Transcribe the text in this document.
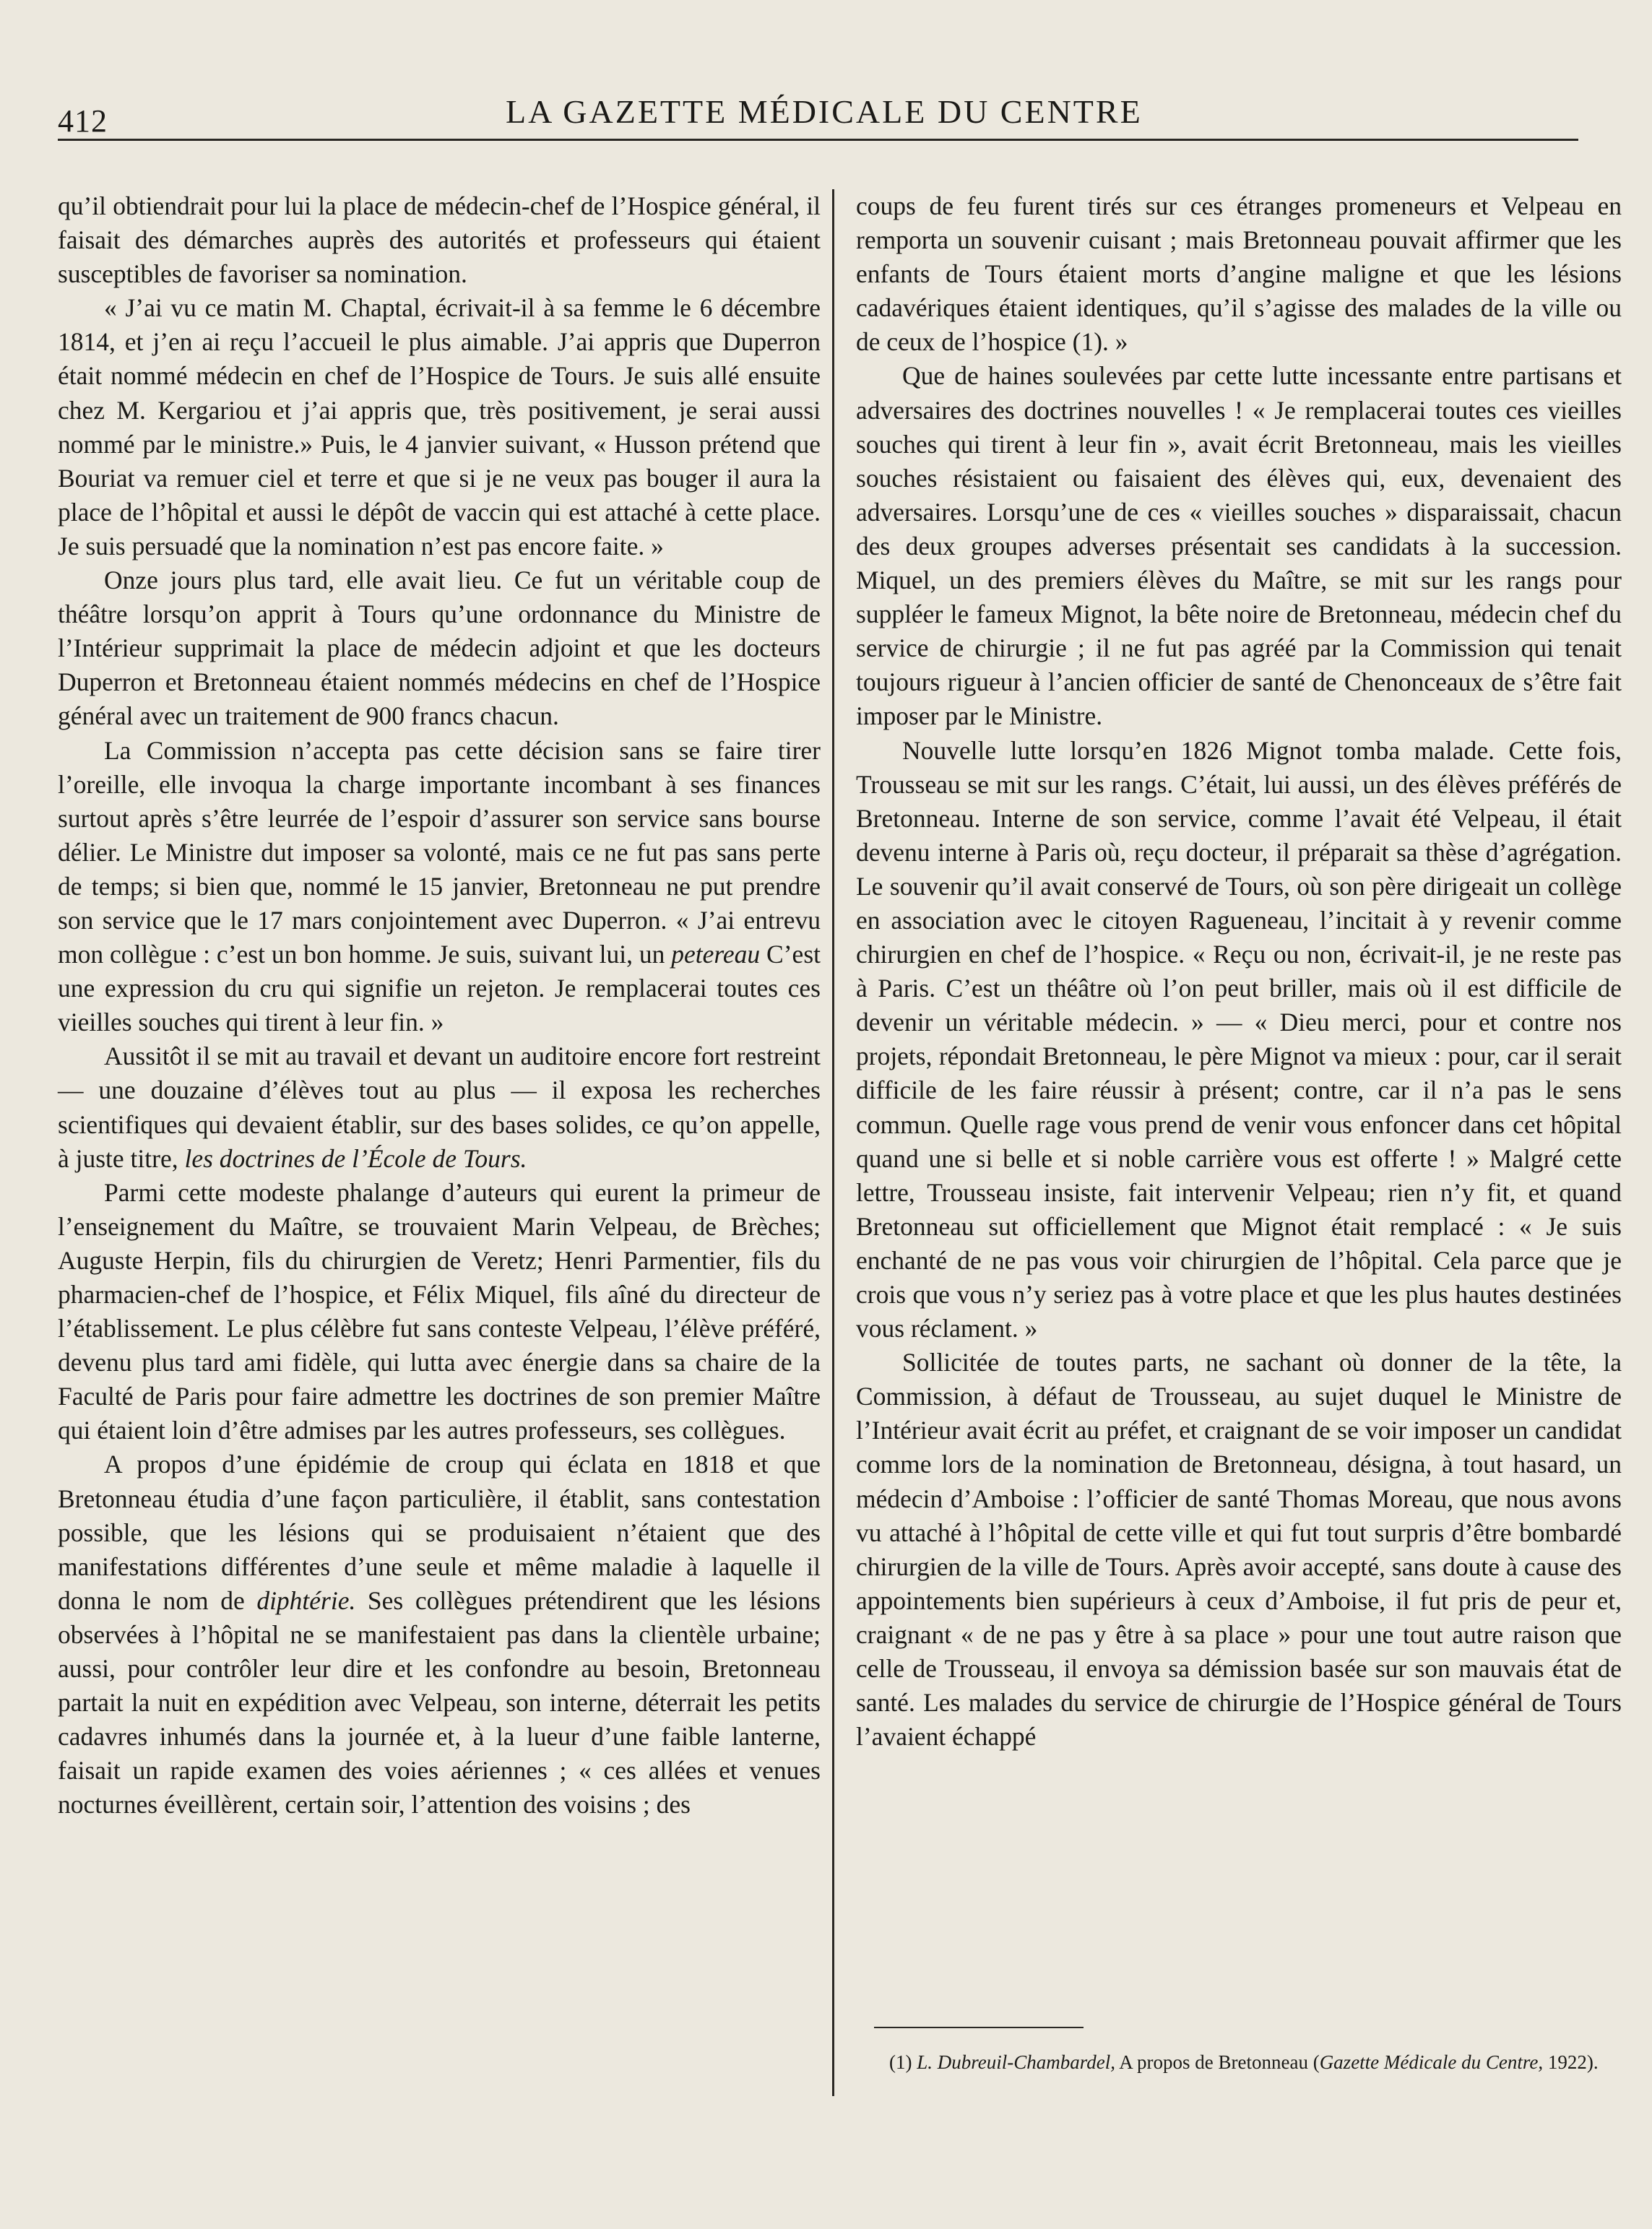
412	LA GAZETTE MÉDICALE DU CENTRE

qu’il obtiendrait pour lui la place de médecin-chef de l’Hospice général, il faisait des démarches auprès des autorités et professeurs qui étaient susceptibles de favoriser sa nomination.

« J’ai vu ce matin M. Chaptal, écrivait-il à sa femme le 6 décembre 1814, et j’en ai reçu l’accueil le plus aimable. J’ai appris que Duperron était nommé médecin en chef de l’Hospice de Tours. Je suis allé ensuite chez M. Kergariou et j’ai appris que, très positivement, je serai aussi nommé par le ministre.» Puis, le 4 janvier suivant, « Husson prétend que Bouriat va remuer ciel et terre et que si je ne veux pas bouger il aura la place de l’hôpital et aussi le dépôt de vaccin qui est attaché à cette place. Je suis persuadé que la nomination n’est pas encore faite. »

Onze jours plus tard, elle avait lieu. Ce fut un véritable coup de théâtre lorsqu’on apprit à Tours qu’une ordonnance du Ministre de l’Intérieur supprimait la place de médecin adjoint et que les docteurs Duperron et Bretonneau étaient nommés médecins en chef de l’Hospice général avec un traitement de 900 francs chacun.

La Commission n’accepta pas cette décision sans se faire tirer l’oreille, elle invoqua la charge importante incombant à ses finances surtout après s’être leurrée de l’espoir d’assurer son service sans bourse délier. Le Ministre dut imposer sa volonté, mais ce ne fut pas sans perte de temps; si bien que, nommé le 15 janvier, Bretonneau ne put prendre son service que le 17 mars conjointement avec Duperron. « J’ai entrevu mon collègue : c’est un bon homme. Je suis, suivant lui, un petereau C’est une expression du cru qui signifie un rejeton. Je remplacerai toutes ces vieilles souches qui tirent à leur fin. »

Aussitôt il se mit au travail et devant un auditoire encore fort restreint — une douzaine d’élèves tout au plus — il exposa les recherches scientifiques qui devaient établir, sur des bases solides, ce qu’on appelle, à juste titre, les doctrines de l’École de Tours.

Parmi cette modeste phalange d’auteurs qui eurent la primeur de l’enseignement du Maître, se trouvaient Marin Velpeau, de Brèches; Auguste Herpin, fils du chirurgien de Veretz; Henri Parmentier, fils du pharmacien-chef de l’hospice, et Félix Miquel, fils aîné du directeur de l’établissement. Le plus célèbre fut sans conteste Velpeau, l’élève préféré, devenu plus tard ami fidèle, qui lutta avec énergie dans sa chaire de la Faculté de Paris pour faire admettre les doctrines de son premier Maître qui étaient loin d’être admises par les autres professeurs, ses collègues.

A propos d’une épidémie de croup qui éclata en 1818 et que Bretonneau étudia d’une façon particulière, il établit, sans contestation possible, que les lésions qui se produisaient n’étaient que des manifestations différentes d’une seule et même maladie à laquelle il donna le nom de diphtérie. Ses collègues prétendirent que les lésions observées à l’hôpital ne se manifestaient pas dans la clientèle urbaine; aussi, pour contrôler leur dire et les confondre au besoin, Bretonneau partait la nuit en expédition avec Velpeau, son interne, déterrait les petits cadavres inhumés dans la journée et, à la lueur d’une faible lanterne, faisait un rapide examen des voies aériennes ; « ces allées et venues nocturnes éveillèrent, certain soir, l’attention des voisins ; des

coups de feu furent tirés sur ces étranges promeneurs et Velpeau en remporta un souvenir cuisant ; mais Bretonneau pouvait affirmer que les enfants de Tours étaient morts d’angine maligne et que les lésions cadavériques étaient identiques, qu’il s’agisse des malades de la ville ou de ceux de l’hospice (1). »

Que de haines soulevées par cette lutte incessante entre partisans et adversaires des doctrines nouvelles ! « Je remplacerai toutes ces vieilles souches qui tirent à leur fin », avait écrit Bretonneau, mais les vieilles souches résistaient ou faisaient des élèves qui, eux, devenaient des adversaires. Lorsqu’une de ces « vieilles souches » disparaissait, chacun des deux groupes adverses présentait ses candidats à la succession. Miquel, un des premiers élèves du Maître, se mit sur les rangs pour suppléer le fameux Mignot, la bête noire de Bretonneau, médecin chef du service de chirurgie ; il ne fut pas agréé par la Commission qui tenait toujours rigueur à l’ancien officier de santé de Chenonceaux de s’être fait imposer par le Ministre.

Nouvelle lutte lorsqu’en 1826 Mignot tomba malade. Cette fois, Trousseau se mit sur les rangs. C’était, lui aussi, un des élèves préférés de Bretonneau. Interne de son service, comme l’avait été Velpeau, il était devenu interne à Paris où, reçu docteur, il préparait sa thèse d’agrégation. Le souvenir qu’il avait conservé de Tours, où son père dirigeait un collège en association avec le citoyen Ragueneau, l’incitait à y revenir comme chirurgien en chef de l’hospice. « Reçu ou non, écrivait-il, je ne reste pas à Paris. C’est un théâtre où l’on peut briller, mais où il est difficile de devenir un véritable médecin. » — « Dieu merci, pour et contre nos projets, répondait Bretonneau, le père Mignot va mieux : pour, car il serait difficile de les faire réussir à présent; contre, car il n’a pas le sens commun. Quelle rage vous prend de venir vous enfoncer dans cet hôpital quand une si belle et si noble carrière vous est offerte ! » Malgré cette lettre, Trousseau insiste, fait intervenir Velpeau; rien n’y fit, et quand Bretonneau sut officiellement que Mignot était remplacé : « Je suis enchanté de ne pas vous voir chirurgien de l’hôpital. Cela parce que je crois que vous n’y seriez pas à votre place et que les plus hautes destinées vous réclament. »

Sollicitée de toutes parts, ne sachant où donner de la tête, la Commission, à défaut de Trousseau, au sujet duquel le Ministre de l’Intérieur avait écrit au préfet, et craignant de se voir imposer un candidat comme lors de la nomination de Bretonneau, désigna, à tout hasard, un médecin d’Amboise : l’officier de santé Thomas Moreau, que nous avons vu attaché à l’hôpital de cette ville et qui fut tout surpris d’être bombardé chirurgien de la ville de Tours. Après avoir accepté, sans doute à cause des appointements bien supérieurs à ceux d’Amboise, il fut pris de peur et, craignant « de ne pas y être à sa place » pour une tout autre raison que celle de Trousseau, il envoya sa démission basée sur son mauvais état de santé. Les malades du service de chirurgie de l’Hospice général de Tours l’avaient échappé

(1) L. Dubreuil-Chambardel, A propos de Bretonneau (Gazette Médicale du Centre, 1922).
